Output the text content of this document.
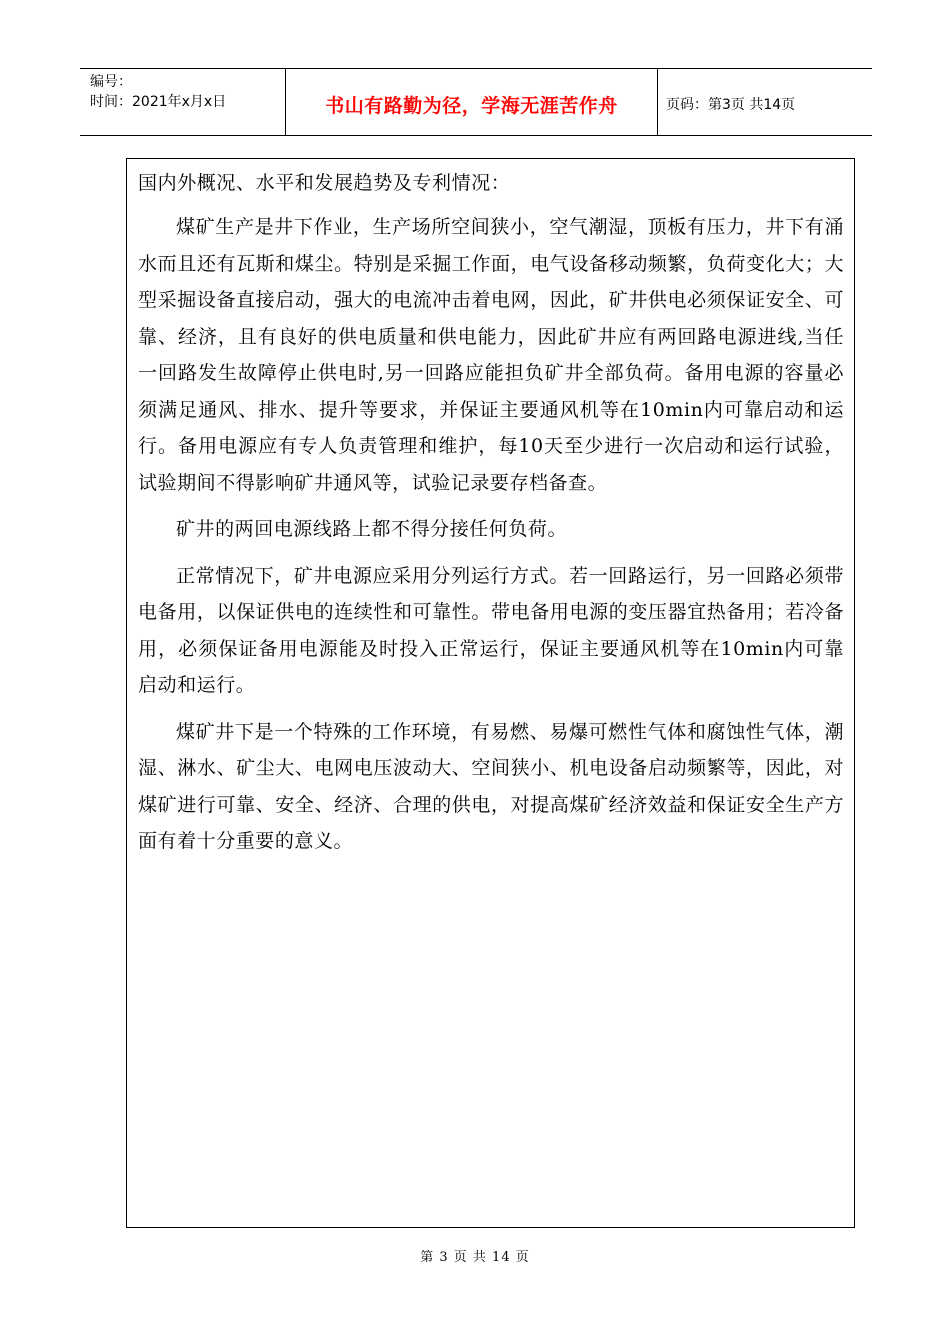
编号：
时间：2021年x月x日	书山有路勤为径，学海无涯苦作舟	页码：第3页 共14页
国内外概况、水平和发展趋势及专利情况：

煤矿生产是井下作业，生产场所空间狭小，空气潮湿，顶板有压力，井下有涌水而且还有瓦斯和煤尘。特别是采掘工作面，电气设备移动频繁，负荷变化大；大型采掘设备直接启动，强大的电流冲击着电网，因此，矿井供电必须保证安全、可靠、经济，且有良好的供电质量和供电能力，因此矿井应有两回路电源进线,当任一回路发生故障停止供电时,另一回路应能担负矿井全部负荷。备用电源的容量必须满足通风、排水、提升等要求，并保证主要通风机等在10min内可靠启动和运行。备用电源应有专人负责管理和维护，每10天至少进行一次启动和运行试验，试验期间不得影响矿井通风等，试验记录要存档备查。

矿井的两回电源线路上都不得分接任何负荷。

正常情况下，矿井电源应采用分列运行方式。若一回路运行，另一回路必须带电备用，以保证供电的连续性和可靠性。带电备用电源的变压器宜热备用；若冷备用，必须保证备用电源能及时投入正常运行，保证主要通风机等在10min内可靠启动和运行。

煤矿井下是一个特殊的工作环境，有易燃、易爆可燃性气体和腐蚀性气体，潮湿、淋水、矿尘大、电网电压波动大、空间狭小、机电设备启动频繁等，因此，对煤矿进行可靠、安全、经济、合理的供电，对提高煤矿经济效益和保证安全生产方面有着十分重要的意义。

第 3 页 共 14 页
